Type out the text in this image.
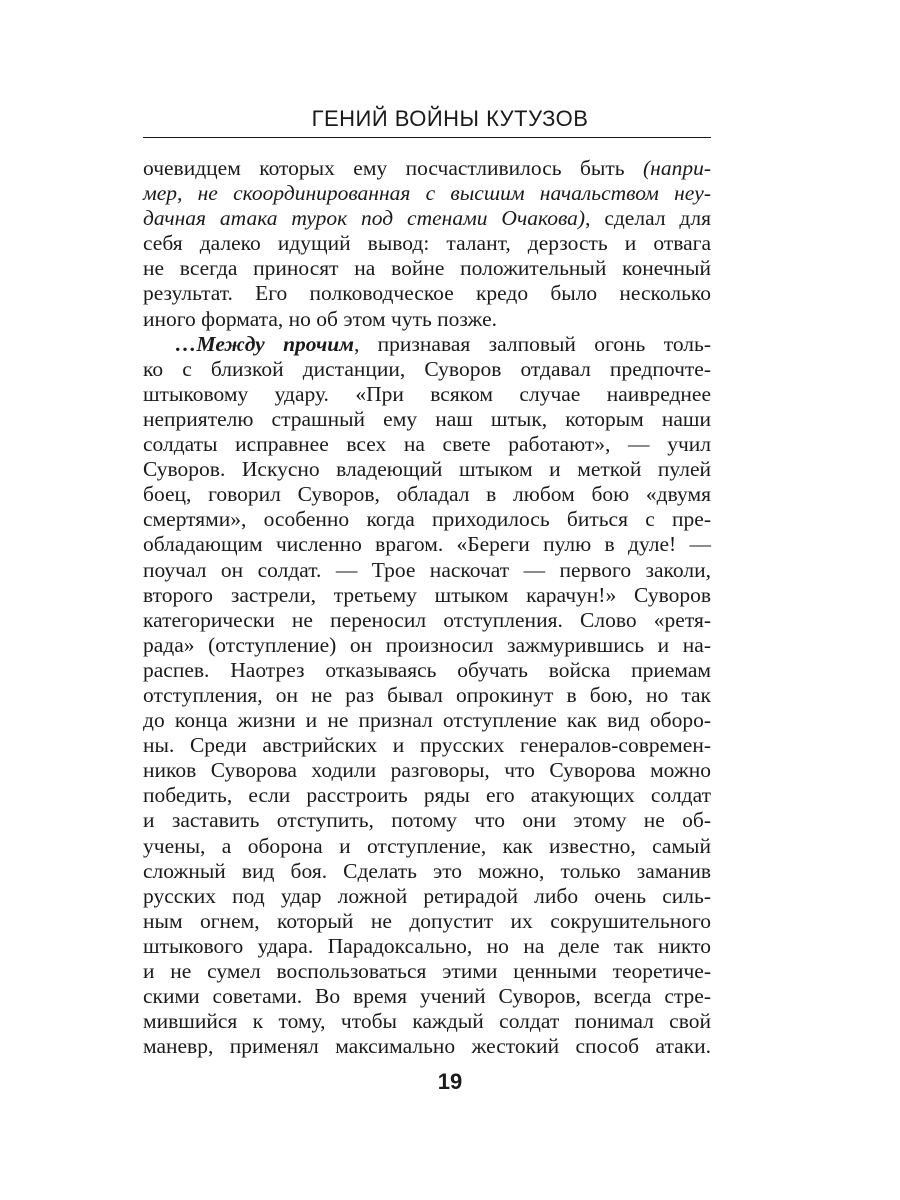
ГЕНИЙ ВОЙНЫ КУТУЗОВ
очевидцем которых ему посчастливилось быть (напри-
мер, не скоординированная с высшим начальством неу-
дачная атака турок под стенами Очакова), сделал для
себя далеко идущий вывод: талант, дерзость и отвага
не всегда приносят на войне положительный конечный
результат. Его полководческое кредо было несколько
иного формата, но об этом чуть позже.
…Между прочим, признавая залповый огонь толь-
ко с близкой дистанции, Суворов отдавал предпочте-
штыковому удару. «При всяком случае наивреднее
неприятелю страшный ему наш штык, которым наши
солдаты исправнее всех на свете работают», — учил
Суворов. Искусно владеющий штыком и меткой пулей
боец, говорил Суворов, обладал в любом бою «двумя
смертями», особенно когда приходилось биться с пре-
обладающим численно врагом. «Береги пулю в дуле! —
поучал он солдат. — Трое наскочат — первого заколи,
второго застрели, третьему штыком карачун!» Суворов
категорически не переносил отступления. Слово «ретя-
рада» (отступление) он произносил зажмурившись и на-
распев. Наотрез отказываясь обучать войска приемам
отступления, он не раз бывал опрокинут в бою, но так
до конца жизни и не признал отступление как вид оборо-
ны. Среди австрийских и прусских генералов-современ-
ников Суворова ходили разговоры, что Суворова можно
победить, если расстроить ряды его атакующих солдат
и заставить отступить, потому что они этому не об-
учены, а оборона и отступление, как известно, самый
сложный вид боя. Сделать это можно, только заманив
русских под удар ложной ретирадой либо очень силь-
ным огнем, который не допустит их сокрушительного
штыкового удара. Парадоксально, но на деле так никто
и не сумел воспользоваться этими ценными теоретиче-
скими советами. Во время учений Суворов, всегда стре-
мившийся к тому, чтобы каждый солдат понимал свой
маневр, применял максимально жестокий способ атаки.
19
